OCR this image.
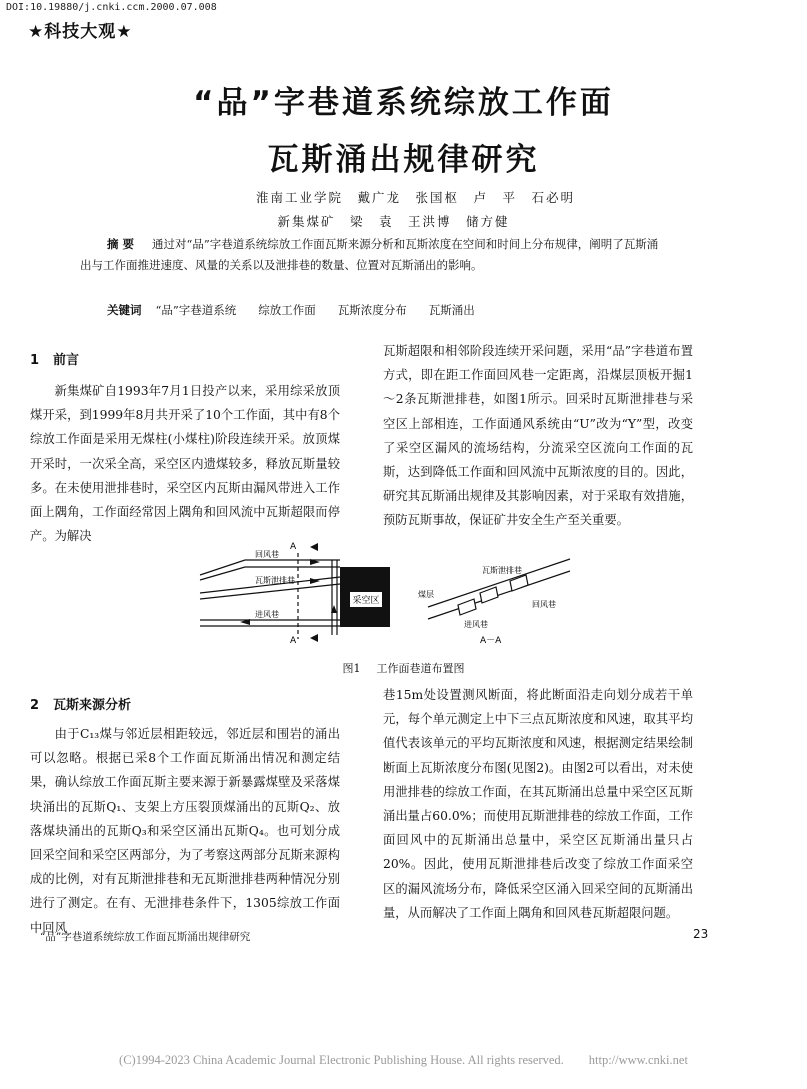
DOI:10.19880/j.cnki.ccm.2000.07.008
★科技大观★
“品”字巷道系统综放工作面
瓦斯涌出规律研究
淮南工业学院　戴广龙　张国枢　卢　平　石必明
新集煤矿　梁　袁　王洪博　储方健
摘要 通过对“品”字巷道系统综放工作面瓦斯来源分析和瓦斯浓度在空间和时间上分布规律，阐明了瓦斯涌出与工作面推进速度、风量的关系以及泄排巷的数量、位置对瓦斯涌出的影响。
关键词 “品”字巷道系统 综放工作面 瓦斯浓度分布 瓦斯涌出
1 前言

新集煤矿自1993年7月1日投产以来，采用综采放顶煤开采，到1999年8月共开采了10个工作面，其中有8个综放工作面是采用无煤柱(小煤柱)阶段连续开采。放顶煤开采时，一次采全高，采空区内遗煤较多，释放瓦斯量较多。在未使用泄排巷时，采空区内瓦斯由漏风带进入工作面上隅角，工作面经常因上隅角和回风流中瓦斯超限而停产。为解决

瓦斯超限和相邻阶段连续开采问题，采用“品”字巷道布置方式，即在距工作面回风巷一定距离，沿煤层顶板开掘1～2条瓦斯泄排巷，如图1所示。回采时瓦斯泄排巷与采空区上部相连，工作面通风系统由“U”改为“Y”型，改变了采空区漏风的流场结构，分流采空区流向工作面的瓦斯，达到降低工作面和回风流中瓦斯浓度的目的。因此，研究其瓦斯涌出规律及其影响因素，对于采取有效措施，预防瓦斯事故，保证矿井安全生产至关重要。

采空区
A
A
回风巷
瓦斯泄排巷
进风巷
煤层
瓦斯泄排巷
回风巷
进风巷
A－A
图1 工作面巷道布置图
2 瓦斯来源分析

由于C₁₃煤与邻近层相距较远，邻近层和围岩的涌出可以忽略。根据已采8个工作面瓦斯涌出情况和测定结果，确认综放工作面瓦斯主要来源于新暴露煤壁及采落煤块涌出的瓦斯Q₁、支架上方压裂顶煤涌出的瓦斯Q₂、放落煤块涌出的瓦斯Q₃和采空区涌出瓦斯Q₄。也可划分成回采空间和采空区两部分，为了考察这两部分瓦斯来源构成的比例，对有瓦斯泄排巷和无瓦斯泄排巷两种情况分别进行了测定。在有、无泄排巷条件下，1305综放工作面中回风

巷15m处设置测风断面，将此断面沿走向划分成若干单元，每个单元测定上中下三点瓦斯浓度和风速，取其平均值代表该单元的平均瓦斯浓度和风速，根据测定结果绘制断面上瓦斯浓度分布图(见图2)。由图2可以看出，对未使用泄排巷的综放工作面，在其瓦斯涌出总量中采空区瓦斯涌出量占60.0%；而使用瓦斯泄排巷的综放工作面，工作面回风中的瓦斯涌出总量中，采空区瓦斯涌出量只占20%。因此，使用瓦斯泄排巷后改变了综放工作面采空区的漏风流场分布，降低采空区涌入回采空间的瓦斯涌出量，从而解决了工作面上隅角和回风巷瓦斯超限问题。

“品”字巷道系统综放工作面瓦斯涌出规律研究	23
(C)1994-2023 China Academic Journal Electronic Publishing House. All rights reserved.　　http://www.cnki.net
